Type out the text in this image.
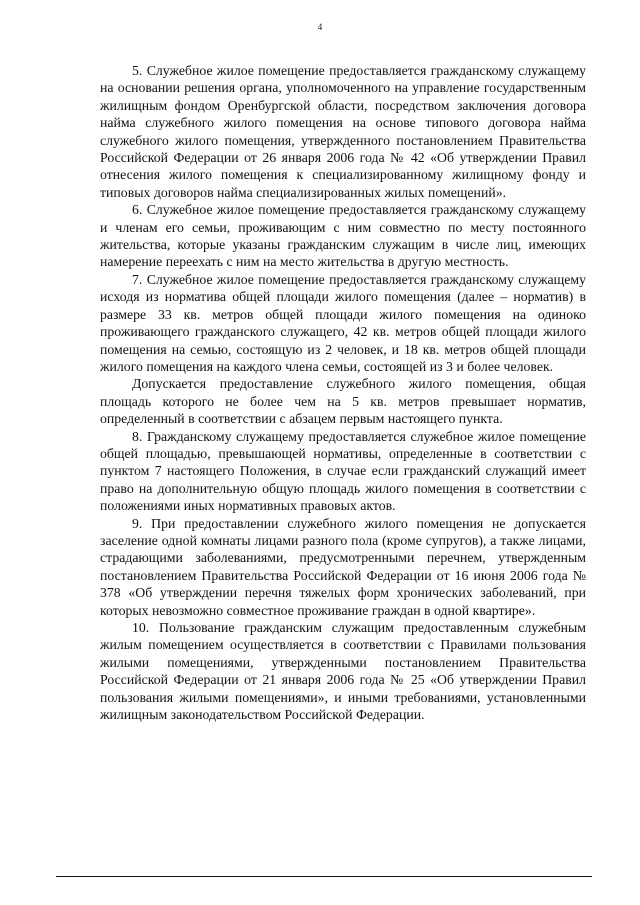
4

5. Служебное жилое помещение предоставляется гражданскому служащему на основании решения органа, уполномоченного на управление государственным жилищным фондом Оренбургской области, посредством заключения договора найма служебного жилого помещения на основе типового договора найма служебного жилого помещения, утвержденного постановлением Правительства Российской Федерации от 26 января 2006 года № 42 «Об утверждении Правил отнесения жилого помещения к специализированному жилищному фонду и типовых договоров найма специализированных жилых помещений».

6. Служебное жилое помещение предоставляется гражданскому служащему и членам его семьи, проживающим с ним совместно по месту постоянного жительства, которые указаны гражданским служащим в числе лиц, имеющих намерение переехать с ним на место жительства в другую местность.

7. Служебное жилое помещение предоставляется гражданскому служащему исходя из норматива общей площади жилого помещения (далее – норматив) в размере 33 кв. метров общей площади жилого помещения на одиноко проживающего гражданского служащего, 42 кв. метров общей площади жилого помещения на семью, состоящую из 2 человек, и 18 кв. метров общей площади жилого помещения на каждого члена семьи, состоящей из 3 и более человек.

Допускается предоставление служебного жилого помещения, общая площадь которого не более чем на 5 кв. метров превышает норматив, определенный в соответствии с абзацем первым настоящего пункта.

8. Гражданскому служащему предоставляется служебное жилое помещение общей площадью, превышающей нормативы, определенные в соответствии с пунктом 7 настоящего Положения, в случае если гражданский служащий имеет право на дополнительную общую площадь жилого помещения в соответствии с положениями иных нормативных правовых актов.

9. При предоставлении служебного жилого помещения не допускается заселение одной комнаты лицами разного пола (кроме супругов), а также лицами, страдающими заболеваниями, предусмотренными перечнем, утвержденным постановлением Правительства Российской Федерации от 16 июня 2006 года № 378 «Об утверждении перечня тяжелых форм хронических заболеваний, при которых невозможно совместное проживание граждан в одной квартире».

10. Пользование гражданским служащим предоставленным служебным жилым помещением осуществляется в соответствии с Правилами пользования жилыми помещениями, утвержденными постановлением Правительства Российской Федерации от 21 января 2006 года № 25 «Об утверждении Правил пользования жилыми помещениями», и иными требованиями, установленными жилищным законодательством Российской Федерации.
